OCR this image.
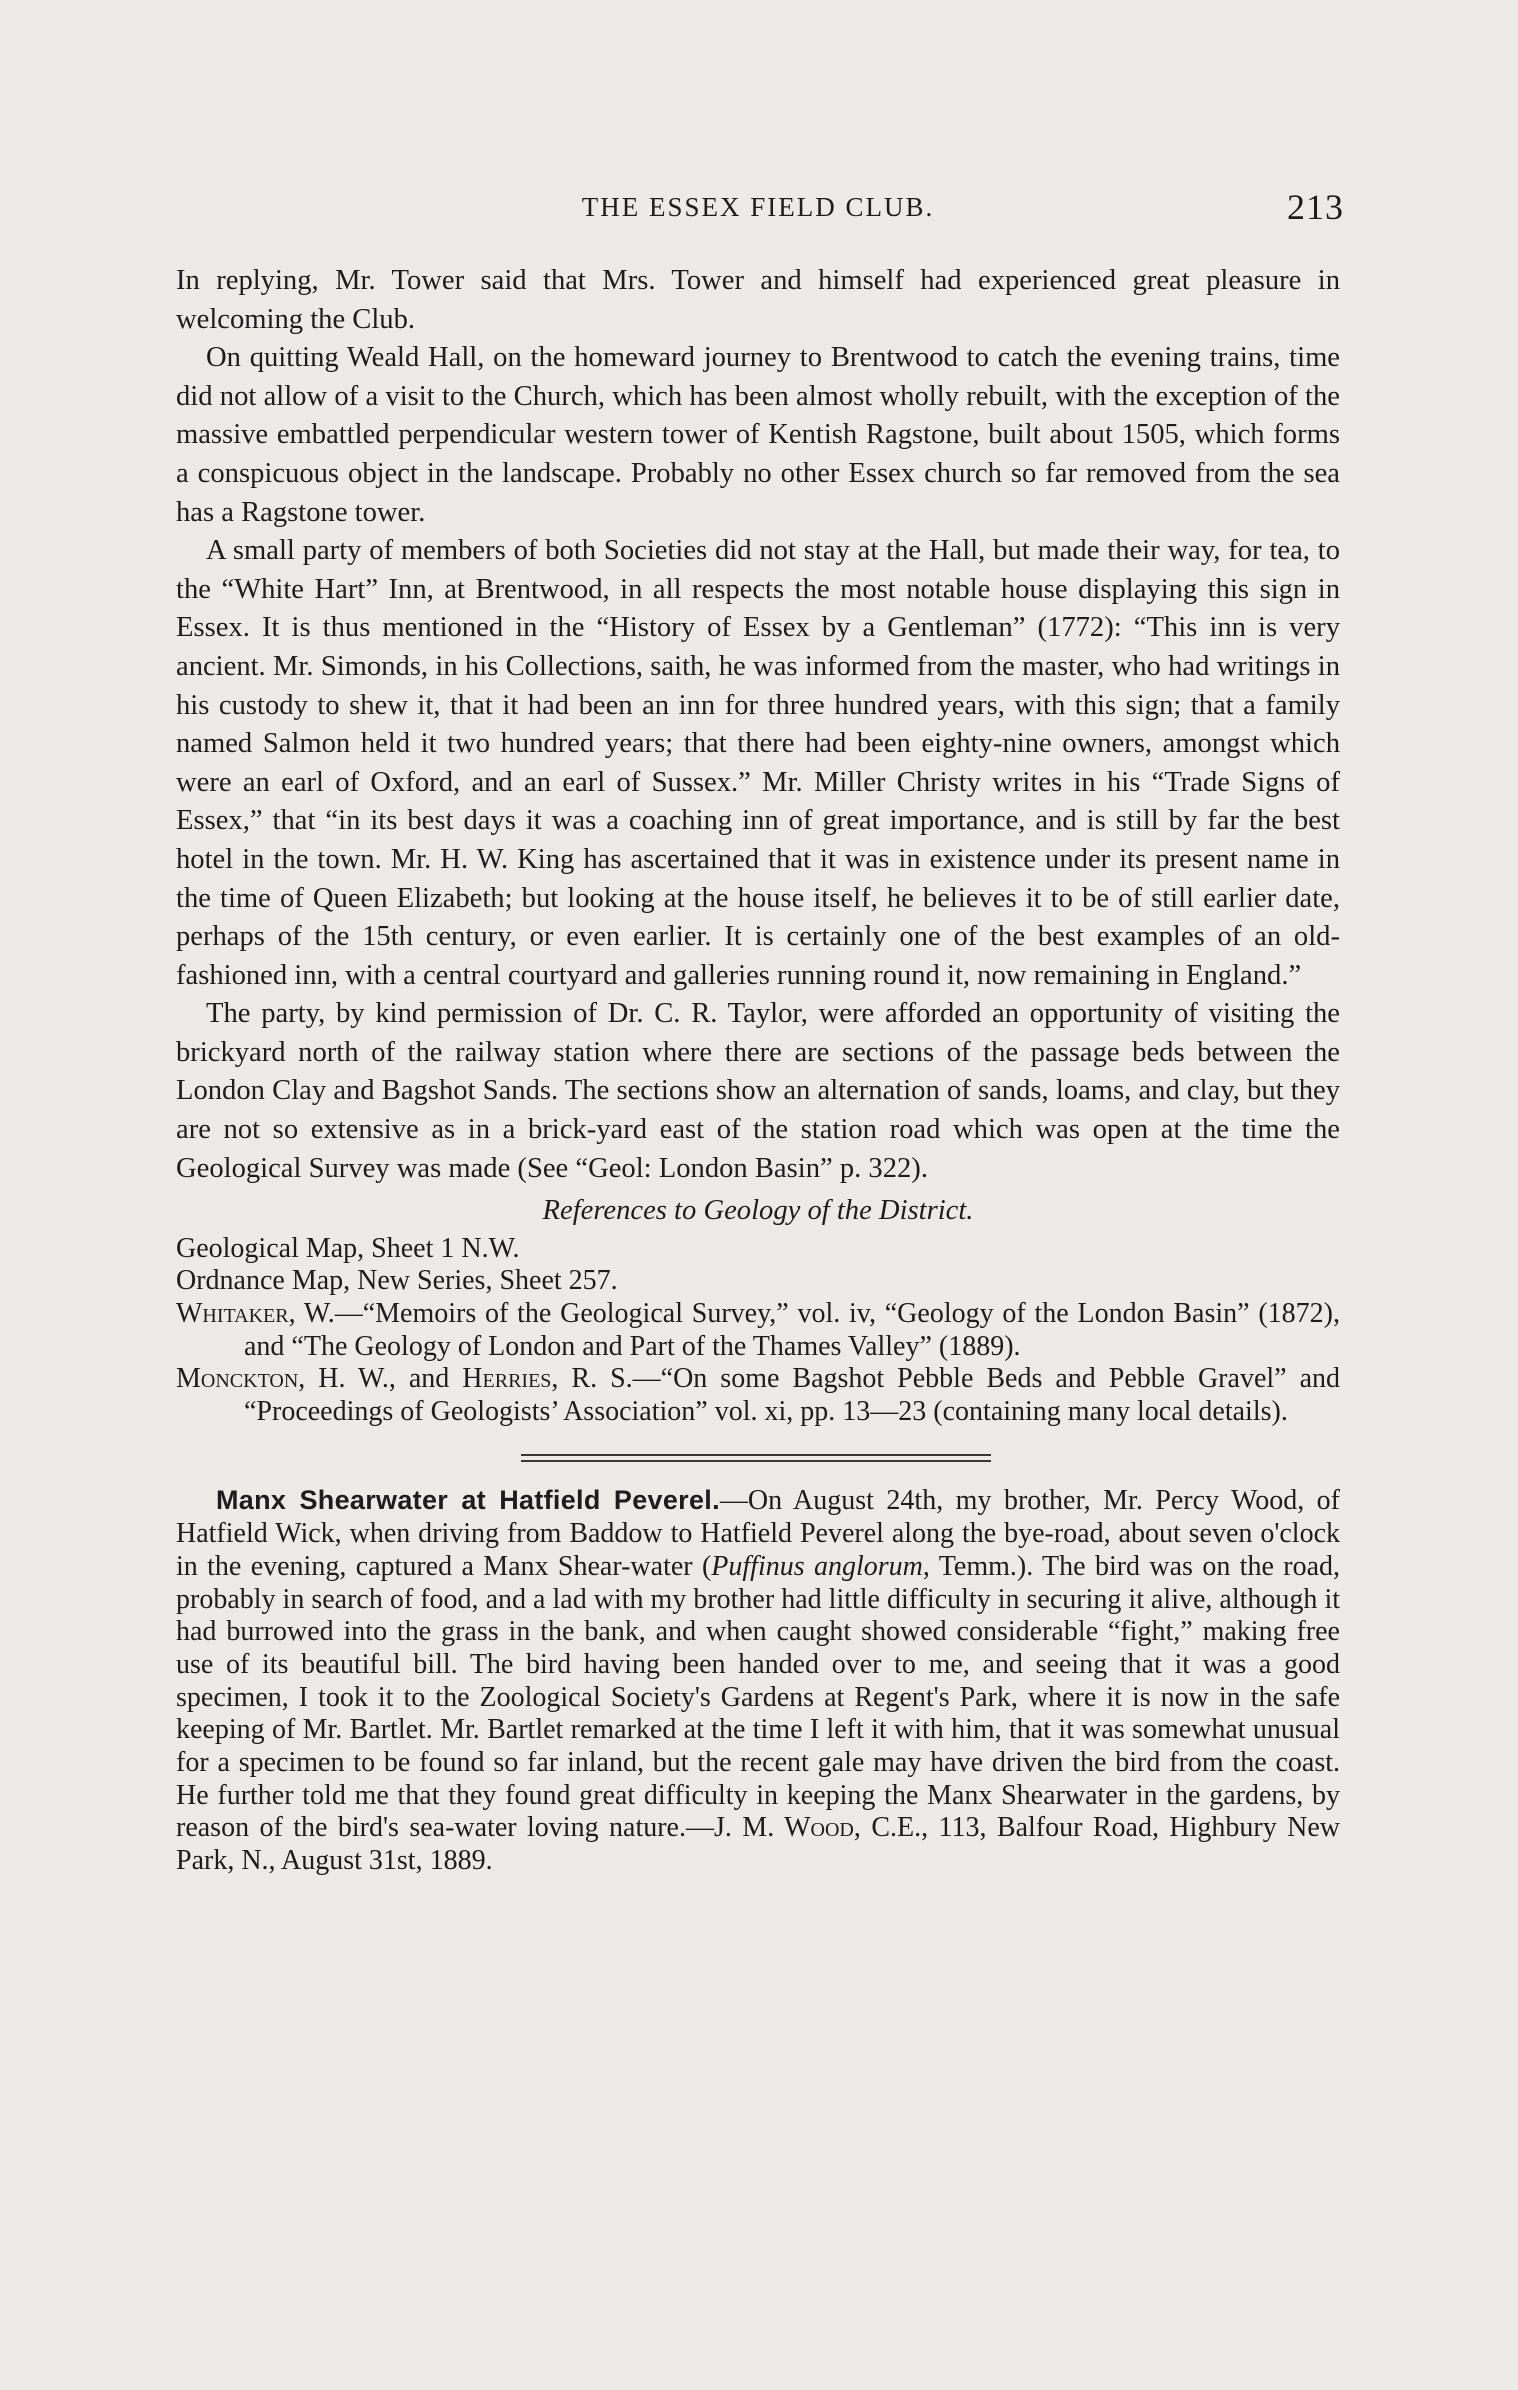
THE ESSEX FIELD CLUB.	213

In replying, Mr. Tower said that Mrs. Tower and himself had experienced great pleasure in welcoming the Club.

On quitting Weald Hall, on the homeward journey to Brentwood to catch the evening trains, time did not allow of a visit to the Church, which has been almost wholly rebuilt, with the exception of the massive embattled perpendicular western tower of Kentish Ragstone, built about 1505, which forms a conspicuous object in the landscape. Probably no other Essex church so far removed from the sea has a Ragstone tower.

A small party of members of both Societies did not stay at the Hall, but made their way, for tea, to the “White Hart” Inn, at Brentwood, in all respects the most notable house displaying this sign in Essex. It is thus mentioned in the “History of Essex by a Gentleman” (1772): “This inn is very ancient. Mr. Simonds, in his Collections, saith, he was informed from the master, who had writings in his custody to shew it, that it had been an inn for three hundred years, with this sign; that a family named Salmon held it two hundred years; that there had been eighty-nine owners, amongst which were an earl of Oxford, and an earl of Sussex.” Mr. Miller Christy writes in his “Trade Signs of Essex,” that “in its best days it was a coaching inn of great importance, and is still by far the best hotel in the town. Mr. H. W. King has ascertained that it was in existence under its present name in the time of Queen Elizabeth; but looking at the house itself, he believes it to be of still earlier date, perhaps of the 15th century, or even earlier. It is certainly one of the best examples of an old-fashioned inn, with a central courtyard and galleries running round it, now remaining in England.”

The party, by kind permission of Dr. C. R. Taylor, were afforded an opportunity of visiting the brickyard north of the railway station where there are sections of the passage beds between the London Clay and Bagshot Sands. The sections show an alternation of sands, loams, and clay, but they are not so extensive as in a brick-yard east of the station road which was open at the time the Geological Survey was made (See “Geol: London Basin” p. 322).

References to Geology of the District.

Geological Map, Sheet 1 N.W.

Ordnance Map, New Series, Sheet 257.

Whitaker, W.—“Memoirs of the Geological Survey,” vol. iv, “Geology of the London Basin” (1872), and “The Geology of London and Part of the Thames Valley” (1889).

Monckton, H. W., and Herries, R. S.—“On some Bagshot Pebble Beds and Pebble Gravel” and “Proceedings of Geologists’ Association” vol. xi, pp. 13—23 (containing many local details).

Manx Shearwater at Hatfield Peverel.—On August 24th, my brother, Mr. Percy Wood, of Hatfield Wick, when driving from Baddow to Hatfield Peverel along the bye-road, about seven o'clock in the evening, captured a Manx Shear-water (Puffinus anglorum, Temm.). The bird was on the road, probably in search of food, and a lad with my brother had little difficulty in securing it alive, although it had burrowed into the grass in the bank, and when caught showed considerable “fight,” making free use of its beautiful bill. The bird having been handed over to me, and seeing that it was a good specimen, I took it to the Zoological Society's Gardens at Regent's Park, where it is now in the safe keeping of Mr. Bartlet. Mr. Bartlet remarked at the time I left it with him, that it was somewhat unusual for a specimen to be found so far inland, but the recent gale may have driven the bird from the coast. He further told me that they found great difficulty in keeping the Manx Shearwater in the gardens, by reason of the bird's sea-water loving nature.—J. M. Wood, C.E., 113, Balfour Road, Highbury New Park, N., August 31st, 1889.
